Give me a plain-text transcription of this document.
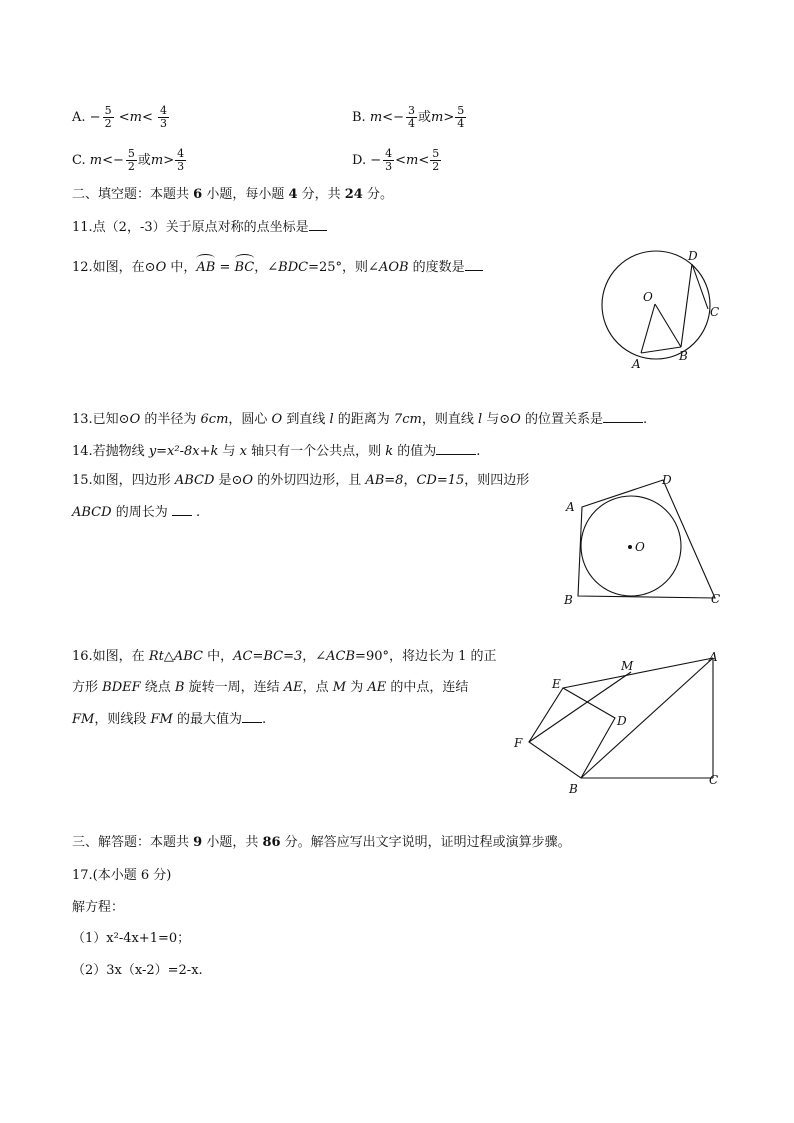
A. − $\frac{5}{2} <m< \frac{4}{3}$	B. $m<- \frac{3}{4}$ 或$m> \frac{5}{4}$
C. $m<- \frac{5}{2}$ 或$m> \frac{4}{3}$	D. − $\frac{4}{3} <m< \frac{5}{2}$
二、填空题：本题共 6 小题，每小题 4 分，共 24 分。
11.点（2，-3）关于原点对称的点坐标是
12.如图，在⊙O 中，AB = BC，∠BDC=25°，则∠AOB 的度数是
D
O
C
A
B
13.已知⊙O 的半径为 6cm，圆心 O 到直线 l 的距离为 7cm，则直线 l 与⊙O 的位置关系是	.
14.若抛物线 y=x²-8x+k 与 x 轴只有一个公共点，则 k 的值为	.
15.如图，四边形 ABCD 是⊙O 的外切四边形，且 AB=8，CD=15，则四边形
ABCD 的周长为  .	A
D
O
B	C
16.如图，在 Rt△ABC 中，AC=BC=3，∠ACB=90°，将边长为 1 的正
方形 BDEF 绕点 B 旋转一周，连结 AE，点 M 为 AE 的中点，连结
FM，则线段 FM 的最大值为 .
M
A
E
D
F
B
C
三、解答题：本题共 9 小题，共 86 分。解答应写出文字说明，证明过程或演算步骤。
17.(本小题 6 分)
解方程：
（1）x²-4x+1=0；
（2）3x（x-2）=2-x.
